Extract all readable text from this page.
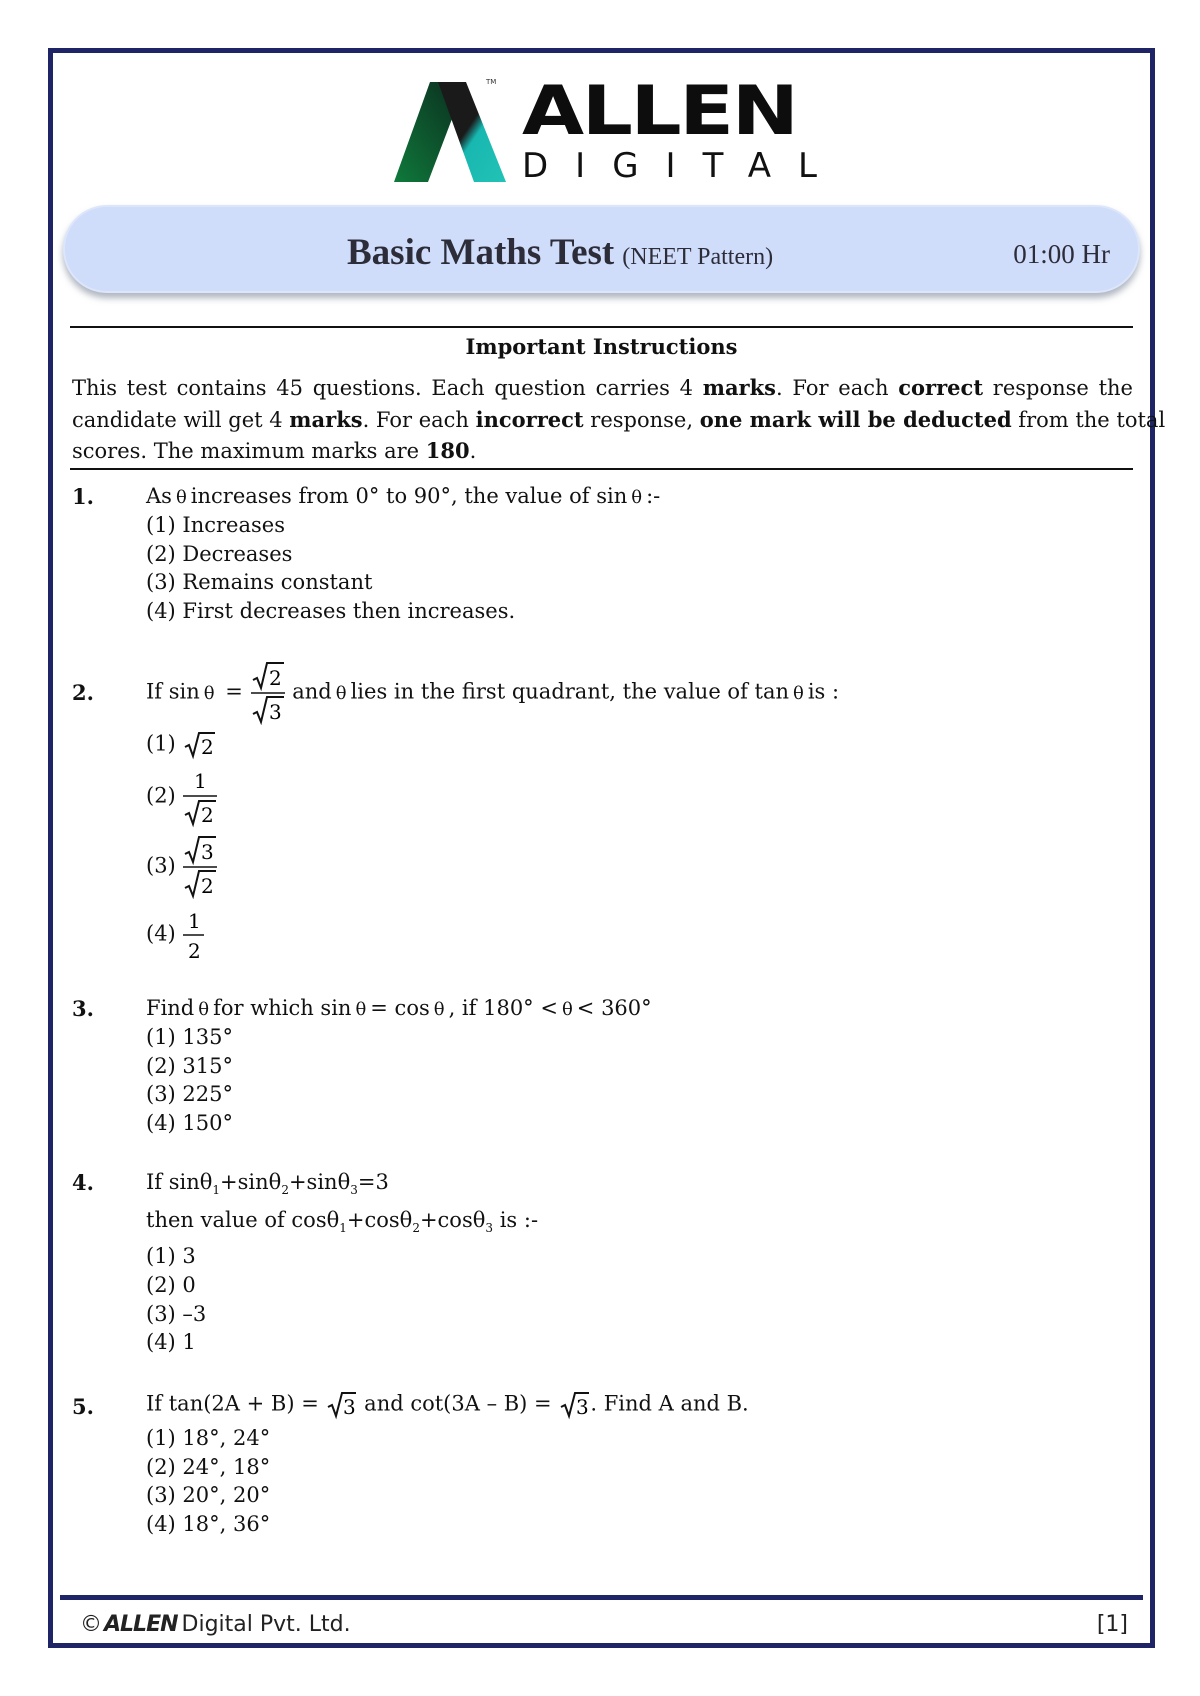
TM ALLEN
DIGITAL
Basic Maths Test (NEET Pattern)	01:00 Hr
Important Instructions
This test contains 45 questions. Each question carries 4 marks. For each correct response the
candidate will get 4 marks. For each incorrect response, one mark will be deducted from the total
scores. The maximum marks are 180.
1. As θ increases from 0° to 90°, the value of sin θ :-
(1) Increases
(2) Decreases
(3) Remains constant
(4) First decreases then increases.
2. If sin θ =
2
3
and θ lies in the first quadrant, the value of tan θ is :
(1) 2
(2)
1
2
(3)
3
2
(4)
1
2
3. Find θ for which sin θ = cos θ , if 180° < θ < 360°
(1) 135°
(2) 315°
(3) 225°
(4) 150°
4. If sinθ$_1$+sinθ$_2$+sinθ$_3$=3
then value of cosθ$_1$+cosθ$_2$+cosθ$_3$ is :-
(1) 3
(2) 0
(3) –3
(4) 1
5. If tan(2A + B) = 3 and cot(3A – B) = 3 . Find A and B.
(1) 18°, 24°
(2) 24°, 18°
(3) 20°, 20°
(4) 18°, 36°
©ALLEN Digital Pvt. Ltd.	[1]
